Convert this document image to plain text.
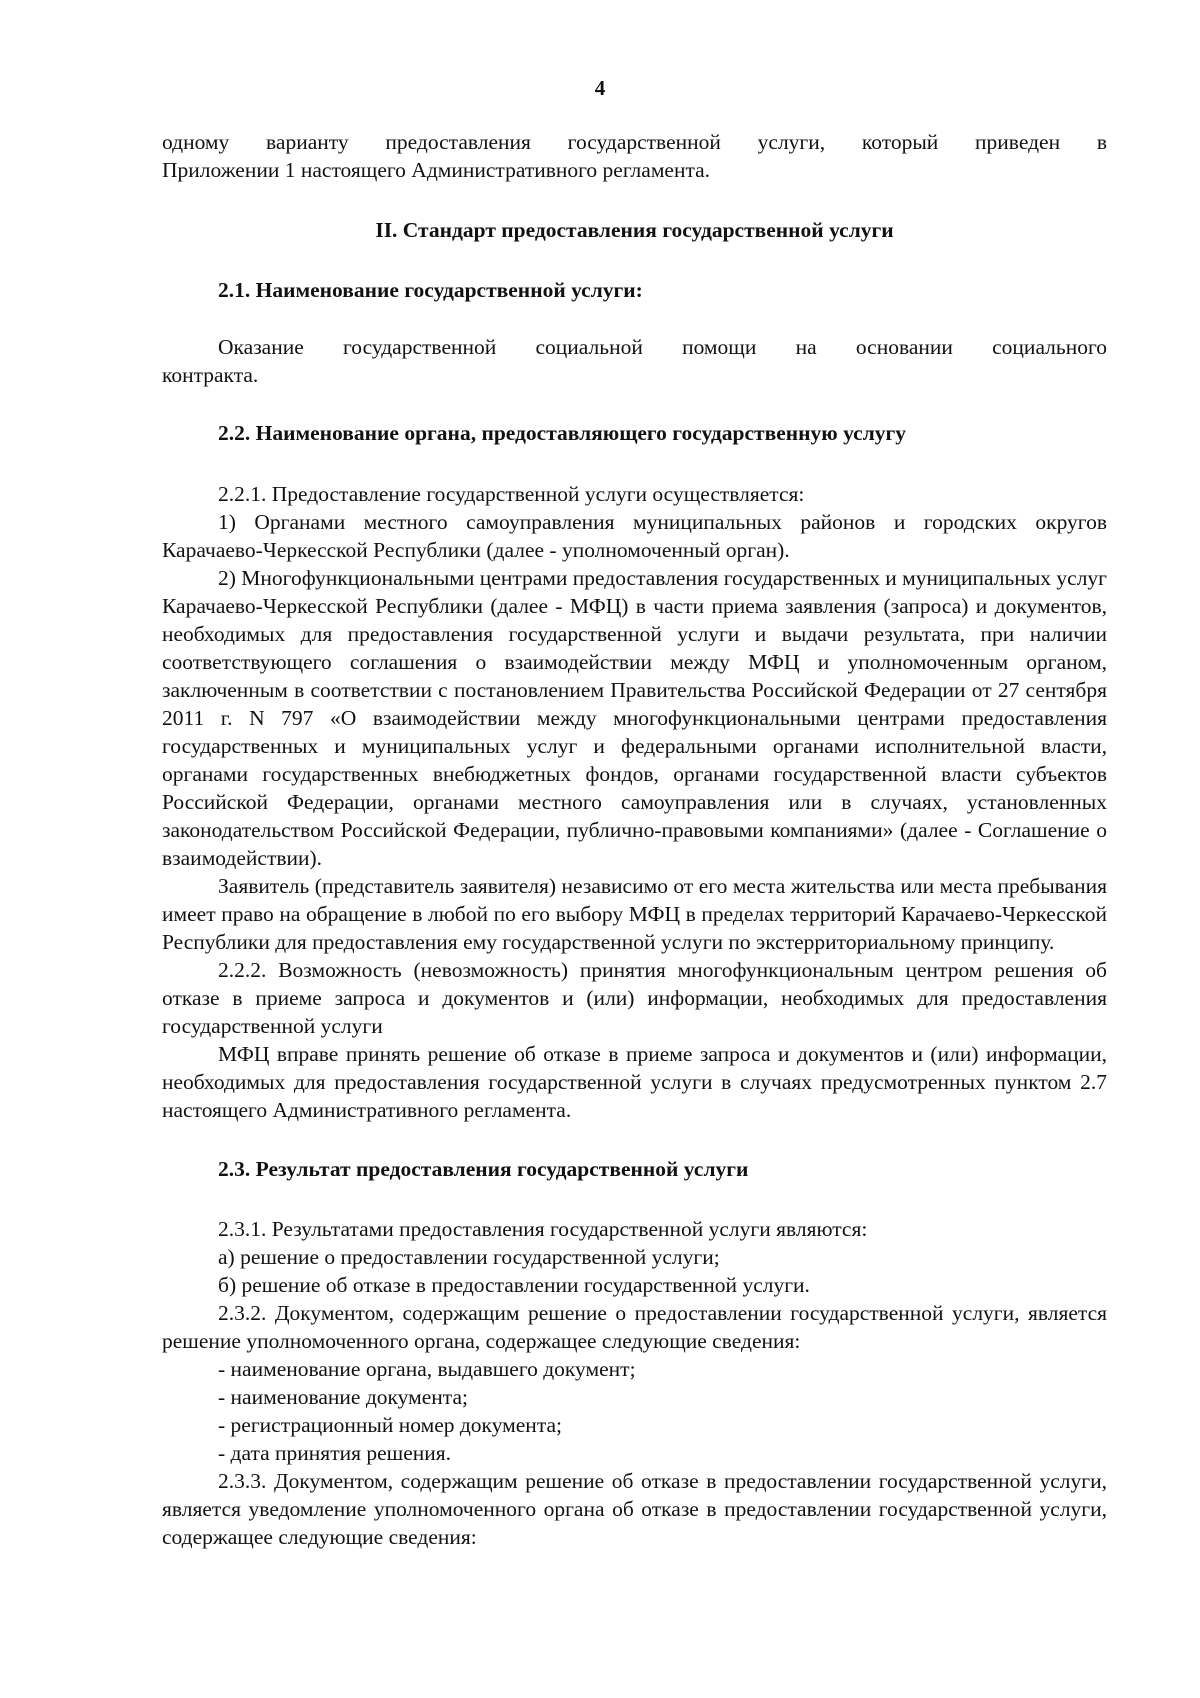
4

одному варианту предоставления государственной услуги, который приведен в

Приложении 1 настоящего Административного регламента.

II. Стандарт предоставления государственной услуги

2.1. Наименование государственной услуги:

Оказание государственной социальной помощи на основании социального

контракта.

2.2. Наименование органа, предоставляющего государственную услугу

2.2.1. Предоставление государственной услуги осуществляется:

1) Органами местного самоуправления муниципальных районов и городских округов Карачаево-Черкесской Республики (далее - уполномоченный орган).

2) Многофункциональными центрами предоставления государственных и муниципальных услуг Карачаево-Черкесской Республики (далее - МФЦ) в части приема заявления (запроса) и документов, необходимых для предоставления государственной услуги и выдачи результата, при наличии соответствующего соглашения о взаимодействии между МФЦ и уполномоченным органом, заключенным в соответствии с постановлением Правительства Российской Федерации от 27 сентября 2011 г. N 797 «О взаимодействии между многофункциональными центрами предоставления государственных и муниципальных услуг и федеральными органами исполнительной власти, органами государственных внебюджетных фондов, органами государственной власти субъектов Российской Федерации, органами местного самоуправления или в случаях, установленных законодательством Российской Федерации, публично-правовыми компаниями» (далее - Соглашение о взаимодействии).

Заявитель (представитель заявителя) независимо от его места жительства или места пребывания имеет право на обращение в любой по его выбору МФЦ в пределах территорий Карачаево-Черкесской Республики для предоставления ему государственной услуги по экстерриториальному принципу.

2.2.2. Возможность (невозможность) принятия многофункциональным центром решения об отказе в приеме запроса и документов и (или) информации, необходимых для предоставления государственной услуги

МФЦ вправе принять решение об отказе в приеме запроса и документов и (или) информации, необходимых для предоставления государственной услуги в случаях предусмотренных пунктом 2.7 настоящего Административного регламента.

2.3. Результат предоставления государственной услуги

2.3.1. Результатами предоставления государственной услуги являются:

а) решение о предоставлении государственной услуги;

б) решение об отказе в предоставлении государственной услуги.

2.3.2. Документом, содержащим решение о предоставлении государственной услуги, является решение уполномоченного органа, содержащее следующие сведения:

- наименование органа, выдавшего документ;

- наименование документа;

- регистрационный номер документа;

- дата принятия решения.

2.3.3. Документом, содержащим решение об отказе в предоставлении государственной услуги, является уведомление уполномоченного органа об отказе в предоставлении государственной услуги, содержащее следующие сведения:
